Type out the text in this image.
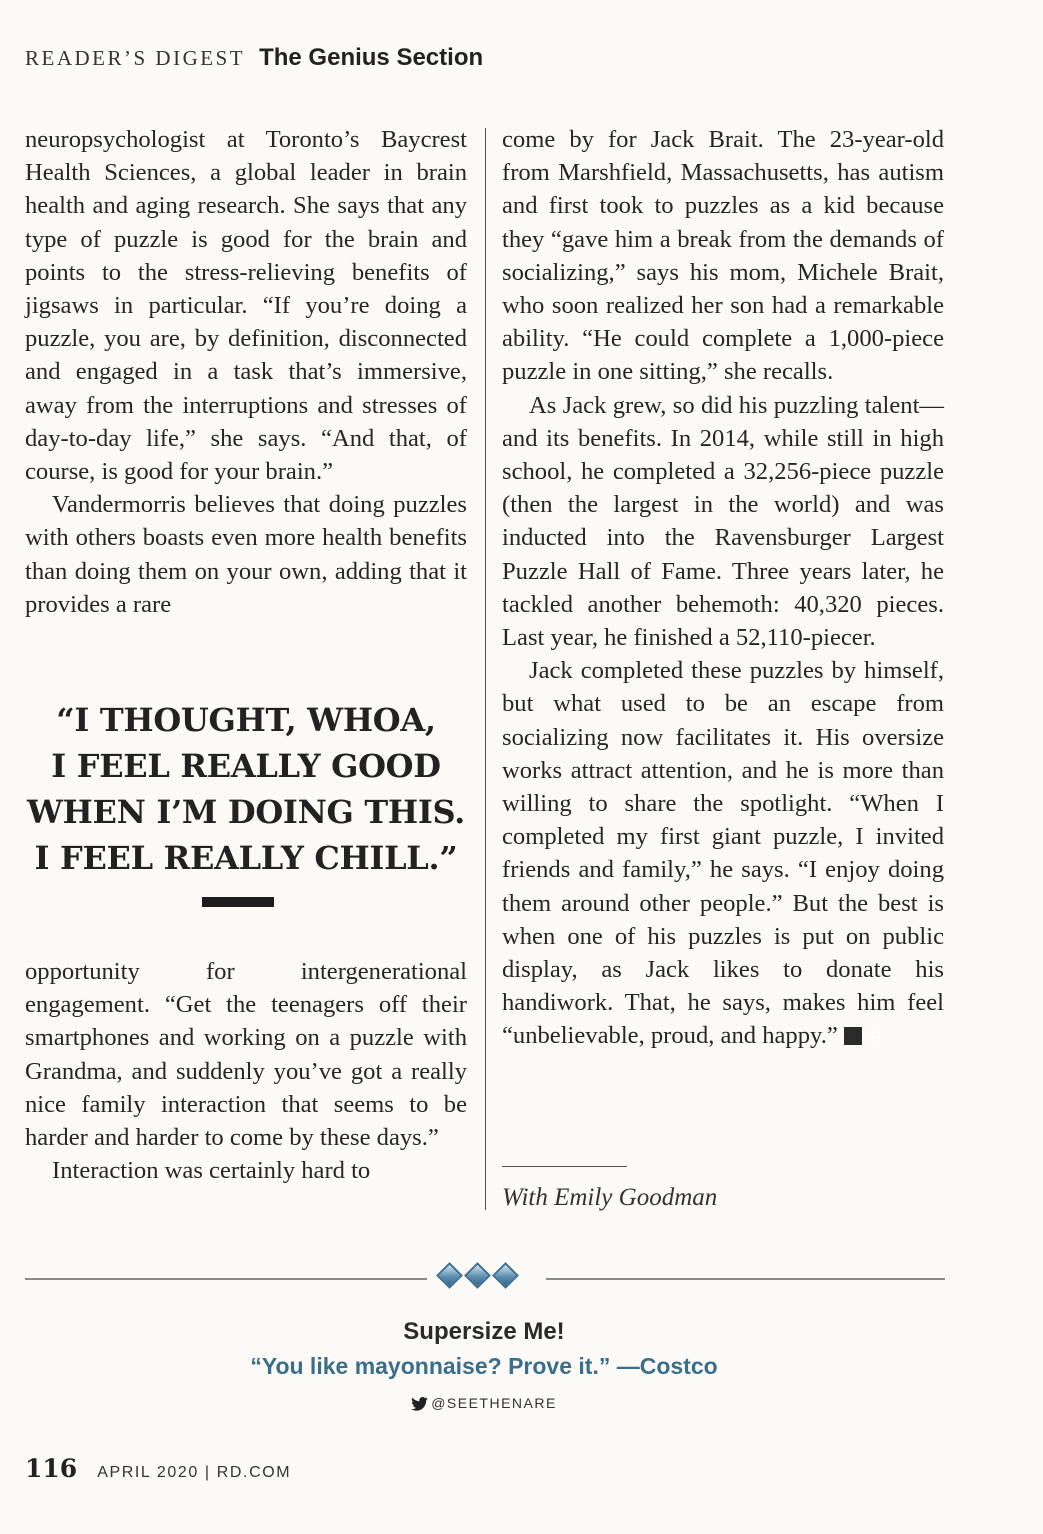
READER’S DIGEST The Genius Section

neuropsychologist at Toronto’s Baycrest Health Sciences, a global leader in brain health and aging research. She says that any type of puzzle is good for the brain and points to the stress-relieving benefits of jigsaws in particular. “If you’re doing a puzzle, you are, by definition, disconnected and engaged in a task that’s immersive, away from the interruptions and stresses of day-to-day life,” she says. “And that, of course, is good for your brain.”

Vandermorris believes that doing puzzles with others boasts even more health benefits than doing them on your own, adding that it provides a rare

“I THOUGHT, WHOA,
I FEEL REALLY GOOD
WHEN I’M DOING THIS.
I FEEL REALLY CHILL.”

opportunity for intergenerational engagement. “Get the teenagers off their smartphones and working on a puzzle with Grandma, and suddenly you’ve got a really nice family interaction that seems to be harder and harder to come by these days.”

Interaction was certainly hard to

come by for Jack Brait. The 23-year-old from Marshfield, Massachusetts, has autism and first took to puzzles as a kid because they “gave him a break from the demands of socializing,” says his mom, Michele Brait, who soon realized her son had a remarkable ability. “He could complete a 1,000-piece puzzle in one sitting,” she recalls.

As Jack grew, so did his puzzling talent—and its benefits. In 2014, while still in high school, he completed a 32,256-piece puzzle (then the largest in the world) and was inducted into the Ravensburger Largest Puzzle Hall of Fame. Three years later, he tackled another behemoth: 40,320 pieces. Last year, he finished a 52,110-piecer.

Jack completed these puzzles by himself, but what used to be an escape from socializing now facilitates it. His oversize works attract attention, and he is more than willing to share the spotlight. “When I completed my first giant puzzle, I invited friends and family,” he says. “I enjoy doing them around other people.” But the best is when one of his puzzles is put on public display, as Jack likes to donate his handiwork. That, he says, makes him feel “unbelievable, proud, and happy.” R

With Emily Goodman
Supersize Me!
“You like mayonnaise? Prove it.” —Costco
@SEETHENARE
116 APRIL 2020 | RD.COM
